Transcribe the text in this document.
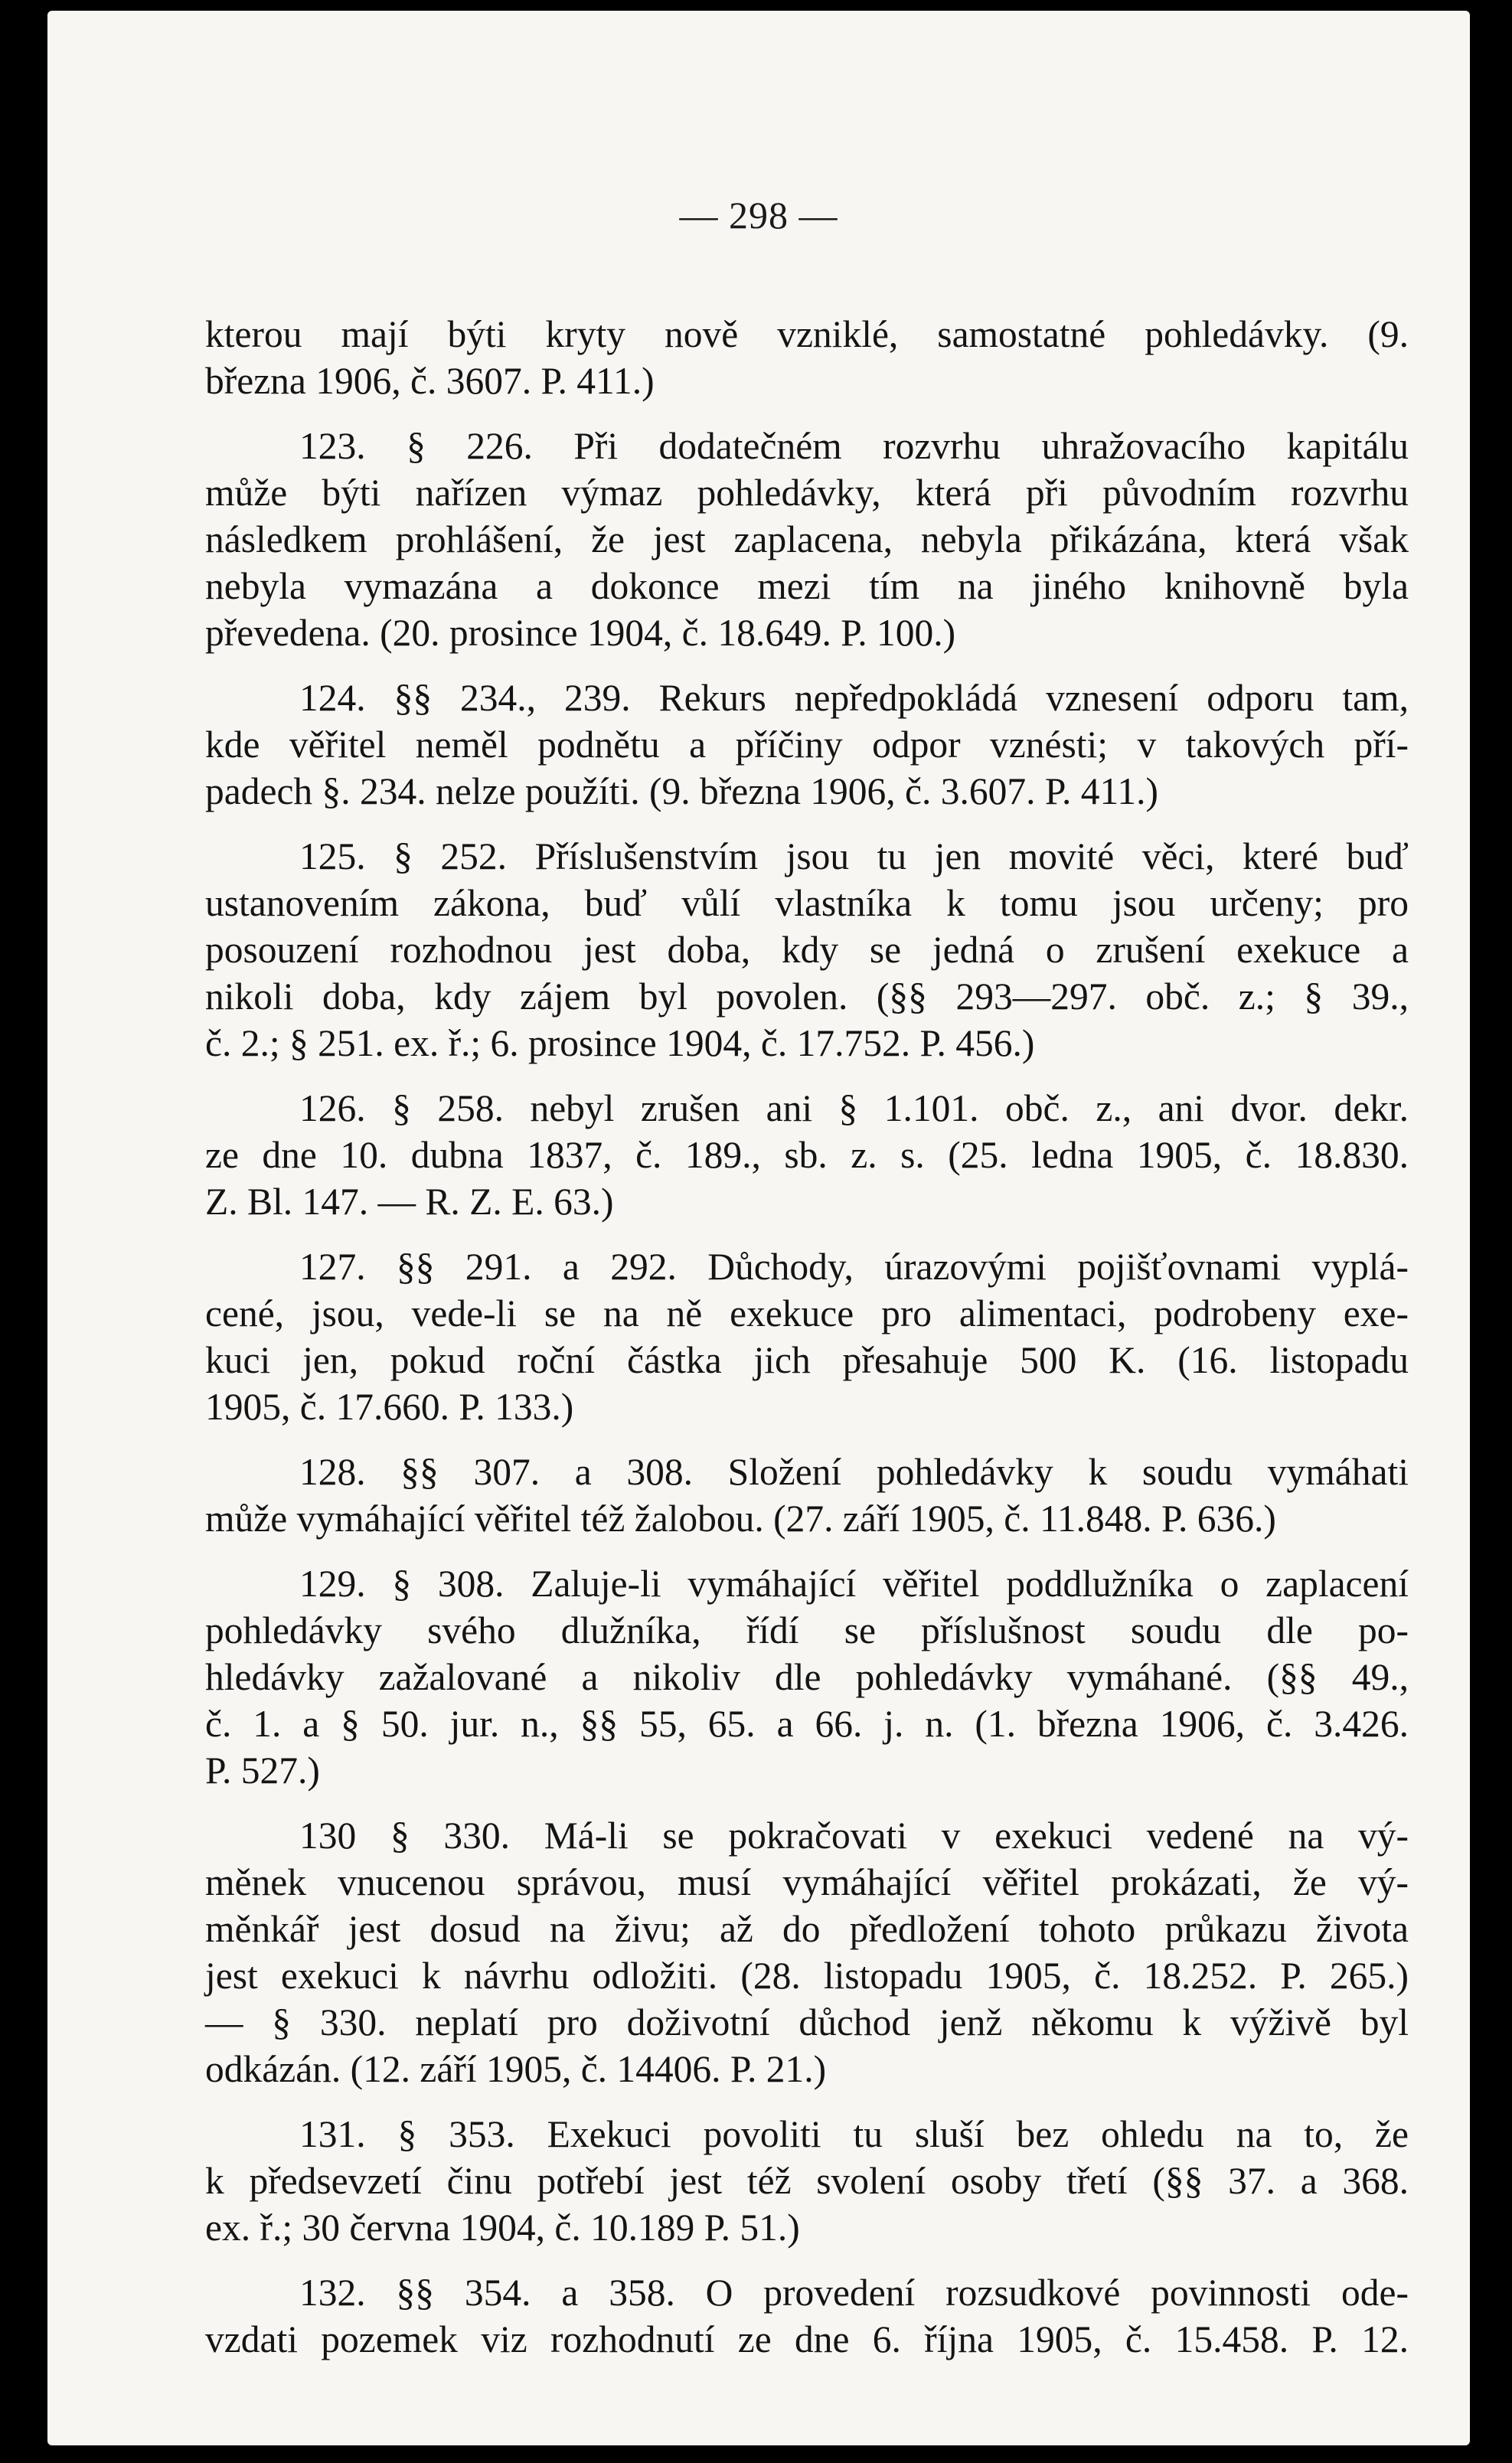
— 298 —
kterou mají býti kryty nově vzniklé, samostatné pohledávky. (9.
března 1906, č. 3607. P. 411.)
123. § 226. Při dodatečném rozvrhu uhražovacího kapitálu
může býti nařízen výmaz pohledávky, která při původním rozvrhu
následkem prohlášení, že jest zaplacena, nebyla přikázána, která však
nebyla vymazána a dokonce mezi tím na jiného knihovně byla
převedena. (20. prosince 1904, č. 18.649. P. 100.)
124. §§ 234., 239. Rekurs nepředpokládá vznesení odporu tam,
kde věřitel neměl podnětu a příčiny odpor vznésti; v takových pří-
padech §. 234. nelze použíti. (9. března 1906, č. 3.607. P. 411.)
125. § 252. Příslušenstvím jsou tu jen movité věci, které buď
ustanovením zákona, buď vůlí vlastníka k tomu jsou určeny; pro
posouzení rozhodnou jest doba, kdy se jedná o zrušení exekuce a
nikoli doba, kdy zájem byl povolen. (§§ 293—297. obč. z.; § 39.,
č. 2.; § 251. ex. ř.; 6. prosince 1904, č. 17.752. P. 456.)
126. § 258. nebyl zrušen ani § 1.101. obč. z., ani dvor. dekr.
ze dne 10. dubna 1837, č. 189., sb. z. s. (25. ledna 1905, č. 18.830.
Z. Bl. 147. — R. Z. E. 63.)
127. §§ 291. a 292. Důchody, úrazovými pojišťovnami vyplá-
cené, jsou, vede-li se na ně exekuce pro alimentaci, podrobeny exe-
kuci jen, pokud roční částka jich přesahuje 500 K. (16. listopadu
1905, č. 17.660. P. 133.)
128. §§ 307. a 308. Složení pohledávky k soudu vymáhati
může vymáhající věřitel též žalobou. (27. září 1905, č. 11.848. P. 636.)
129. § 308. Zaluje-li vymáhající věřitel poddlužníka o zaplacení
pohledávky svého dlužníka, řídí se příslušnost soudu dle po-
hledávky zažalované a nikoliv dle pohledávky vymáhané. (§§ 49.,
č. 1. a § 50. jur. n., §§ 55, 65. a 66. j. n. (1. března 1906, č. 3.426.
P. 527.)
130 § 330. Má-li se pokračovati v exekuci vedené na vý-
měnek vnucenou správou, musí vymáhající věřitel prokázati, že vý-
měnkář jest dosud na živu; až do předložení tohoto průkazu života
jest exekuci k návrhu odložiti. (28. listopadu 1905, č. 18.252. P. 265.)
— § 330. neplatí pro doživotní důchod jenž někomu k výživě byl
odkázán. (12. září 1905, č. 14406. P. 21.)
131. § 353. Exekuci povoliti tu sluší bez ohledu na to, že
k předsevzetí činu potřebí jest též svolení osoby třetí (§§ 37. a 368.
ex. ř.; 30 června 1904, č. 10.189 P. 51.)
132. §§ 354. a 358. O provedení rozsudkové povinnosti ode-
vzdati pozemek viz rozhodnutí ze dne 6. října 1905, č. 15.458. P. 12.
